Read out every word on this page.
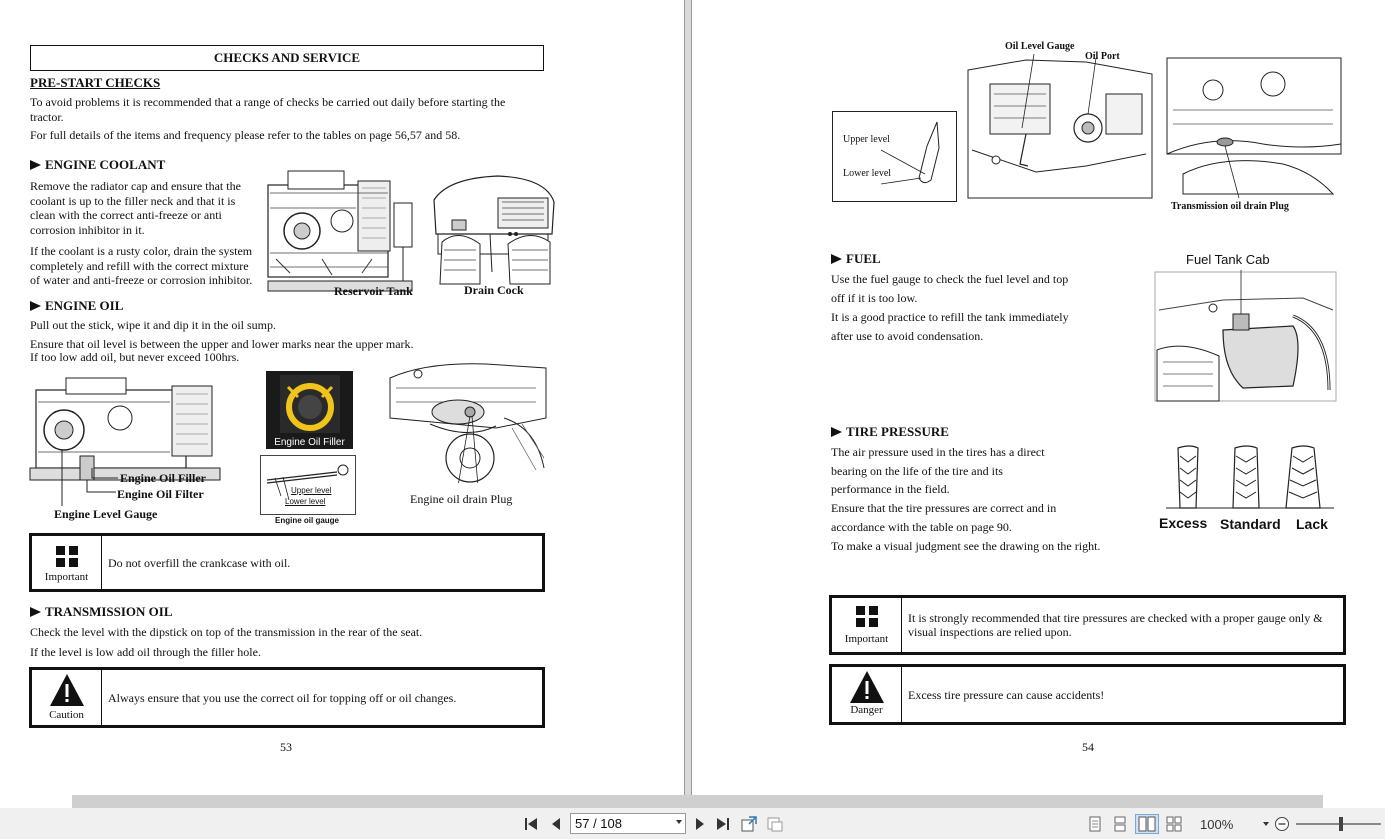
CHECKS AND SERVICE
PRE-START CHECKS
To avoid problems it is recommended that a range of checks be carried out daily before starting the tractor.
For full details of the items and frequency please refer to the tables on page 56,57 and 58.
ENGINE COOLANT
Remove the radiator cap and ensure that the coolant is up to the filler neck and that it is clean with the correct anti-freeze or anti corrosion inhibitor in it.
If the coolant is a rusty color, drain the system completely and refill with the correct mixture of water and anti-freeze or corrosion inhibitor.
Reservoir Tank	Drain Cock
ENGINE OIL
Pull out the stick, wipe it and dip it in the oil sump.
Ensure that oil level is between the upper and lower marks near the upper mark.
If too low add oil, but never exceed 100hrs.
Engine Oil Filler
Engine Oil Filter
Engine Level Gauge
Engine Oil Filler
Upper level
Lower level
Engine oil gauge
Engine oil drain Plug
Important
Do not overfill the crankcase with oil.
TRANSMISSION OIL
Check the level with the dipstick on top of the transmission in the rear of the seat.
If the level is low add oil through the filler hole.
Caution
Always ensure that you use the correct oil for topping off or oil changes.
53
Upper level
Lower level
Oil Level Gauge
Oil Port
Transmission oil drain Plug
FUEL
Use the fuel gauge to check the fuel level and top off if it is too low.
It is a good practice to refill the tank immediately after use to avoid condensation.
Fuel Tank Cab
TIRE PRESSURE
The air pressure used in the tires has a direct
bearing on the life of the tire and its
performance in the field.
Ensure that the tire pressures are correct and in
accordance with the table on page 90.
To make a visual judgment see the drawing on the right.
Excess Standard Lack
Important
It is strongly recommended that tire pressures are checked with a proper gauge only & visual inspections are relied upon.
Danger
Excess tire pressure can cause accidents!
54
57 / 108	100%
